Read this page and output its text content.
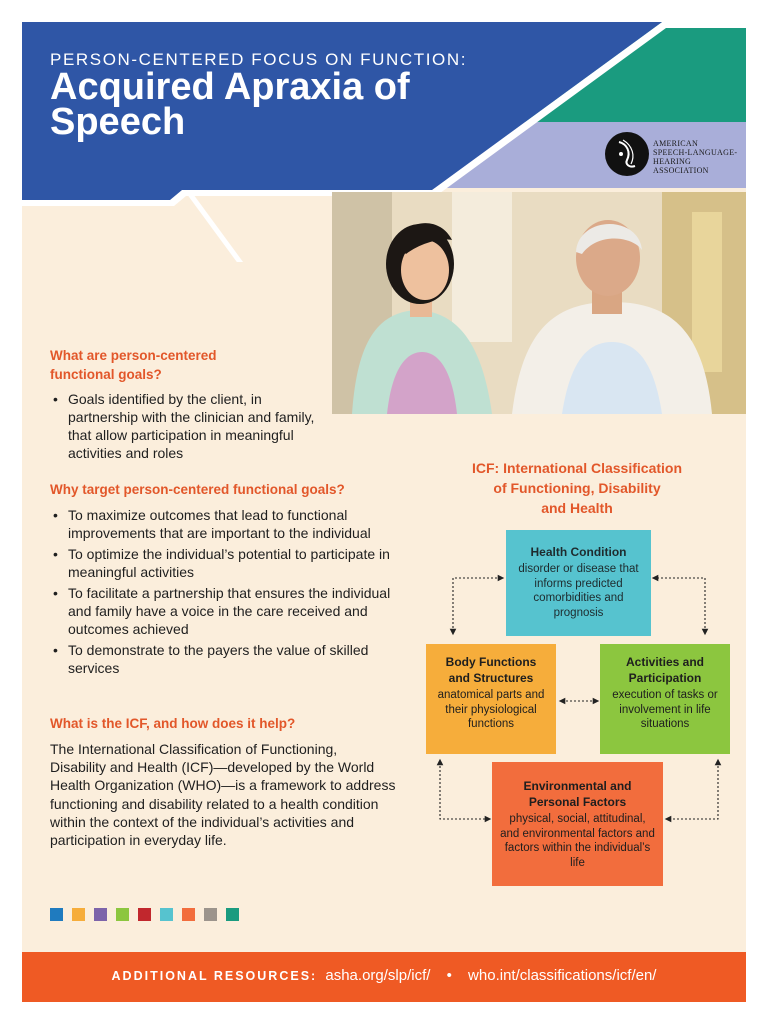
PERSON-CENTERED FOCUS ON FUNCTION:
Acquired Apraxia of Speech
AMERICAN
SPEECH-LANGUAGE-
HEARING
ASSOCIATION
What are person-centered
functional goals?
• Goals identified by the client, in partnership with the clinician and family, that allow participation in meaningful activities and roles
Why target person-centered functional goals?
• To maximize outcomes that lead to functional improvements that are important to the individual
• To optimize the individual’s potential to participate in meaningful activities
• To facilitate a partnership that ensures the individual and family have a voice in the care received and outcomes achieved
• To demonstrate to the payers the value of skilled services
What is the ICF, and how does it help?
The International Classification of Functioning, Disability and Health (ICF)—developed by the World Health Organization (WHO)—is a framework to address functioning and disability related to a health condition within the context of the individual’s activities and participation in everyday life.
ICF: International Classification
of Functioning, Disability
and Health
Health Condition
disorder or disease that informs predicted comorbidities and prognosis
Body Functions and Structures
anatomical parts and their physiological functions
Activities and Participation
execution of tasks or involvement in life situations
Environmental and Personal Factors
physical, social, attitudinal, and environmental factors and factors within the individual’s life
ADDITIONAL RESOURCES: asha.org/slp/icf/ • who.int/classifications/icf/en/
